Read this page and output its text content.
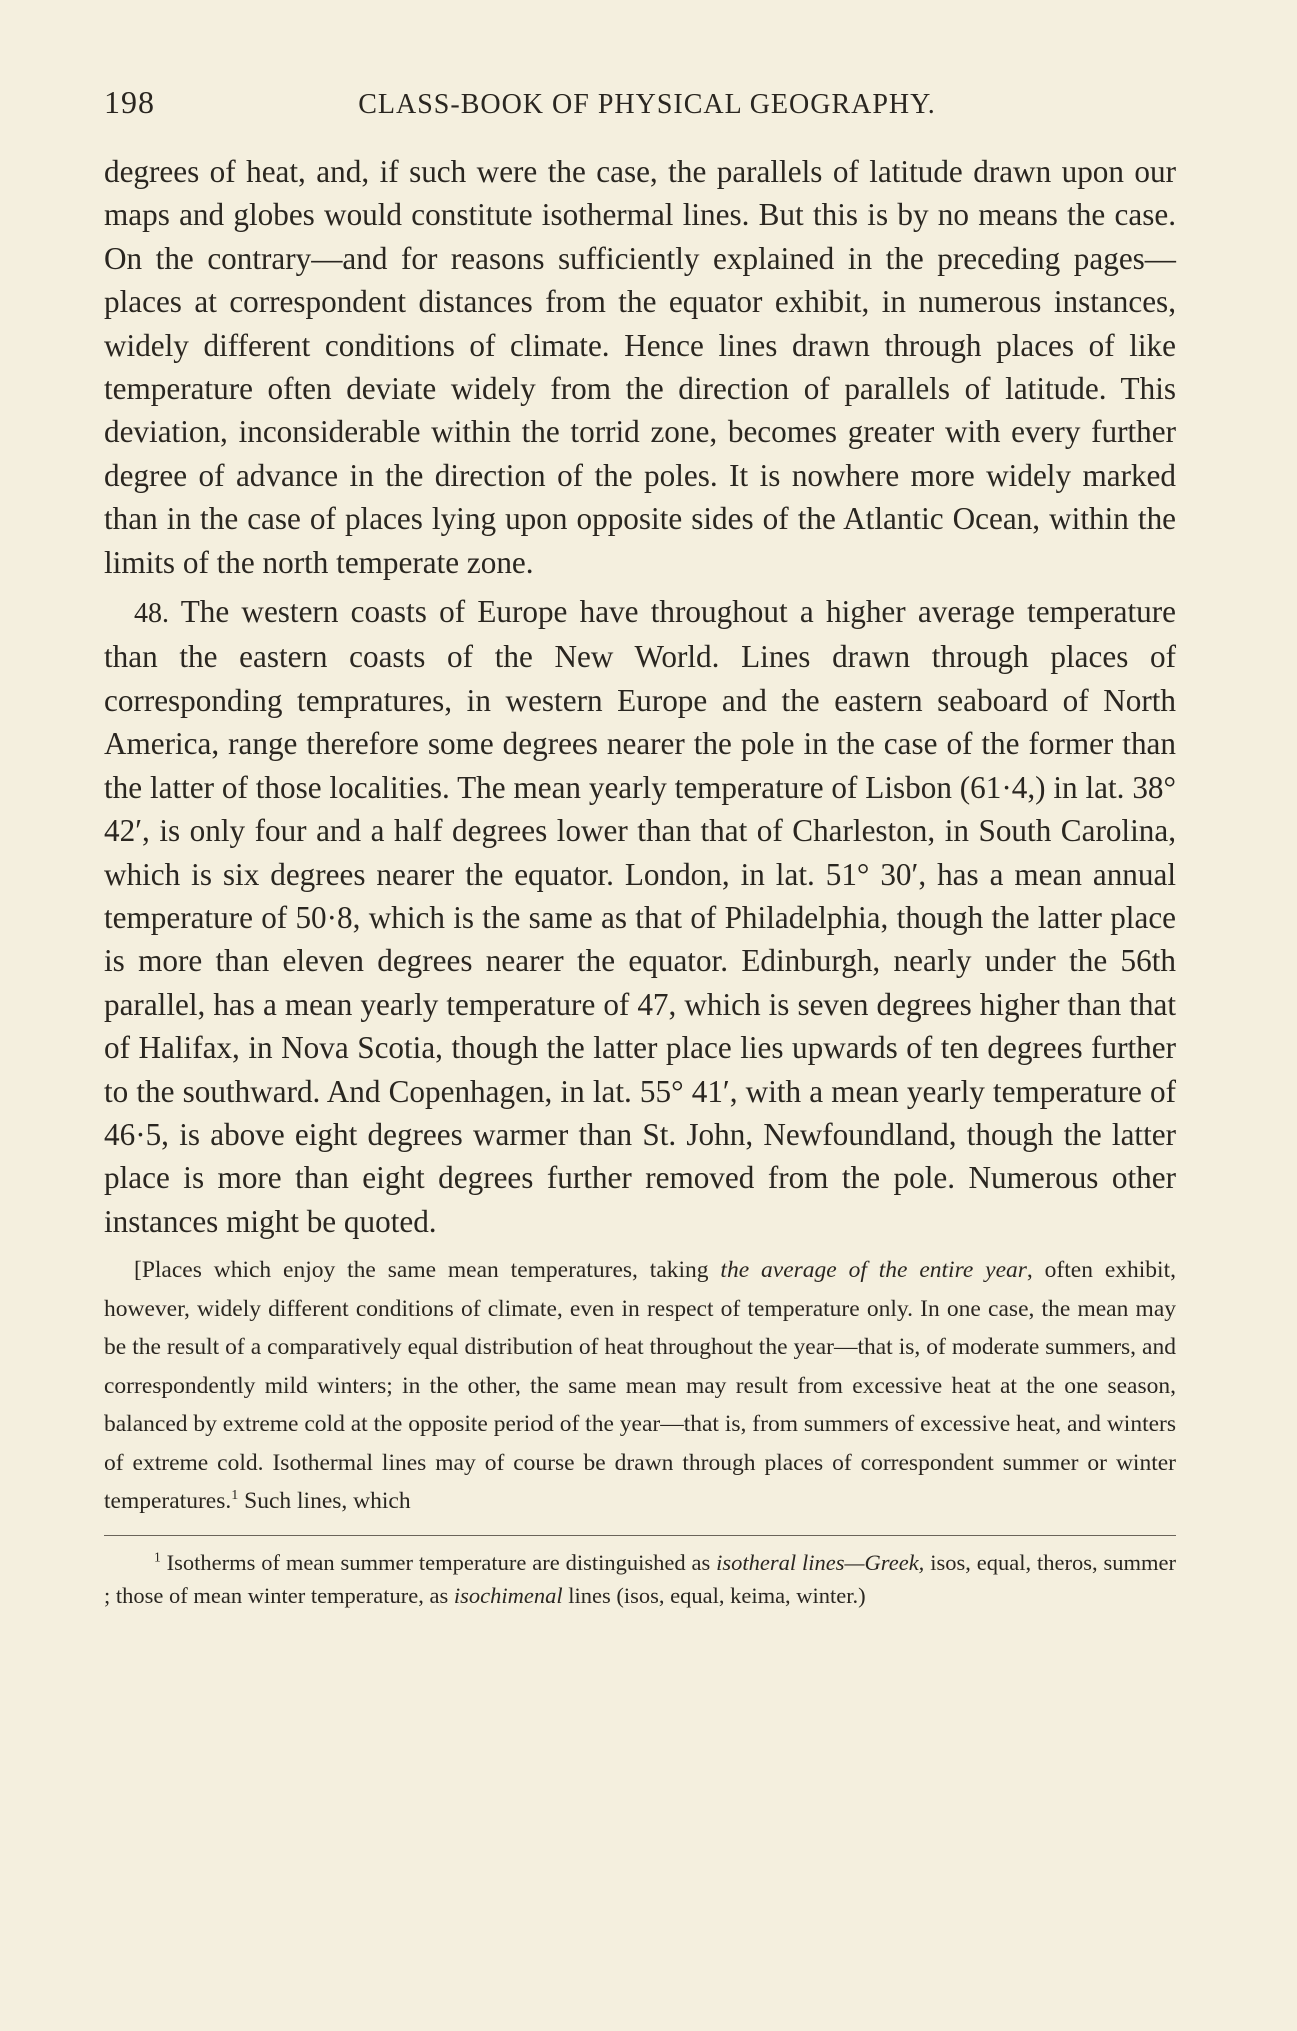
198	CLASS-BOOK OF PHYSICAL GEOGRAPHY.

degrees of heat, and, if such were the case, the parallels of latitude drawn upon our maps and globes would constitute isothermal lines. But this is by no means the case. On the contrary—and for reasons sufficiently explained in the preceding pages—places at correspondent distances from the equator exhibit, in numerous instances, widely different conditions of climate. Hence lines drawn through places of like temperature often deviate widely from the direction of parallels of latitude. This deviation, inconsiderable within the torrid zone, becomes greater with every further degree of advance in the direction of the poles. It is nowhere more widely marked than in the case of places lying upon opposite sides of the Atlantic Ocean, within the limits of the north temperate zone.

48. The western coasts of Europe have throughout a higher average temperature than the eastern coasts of the New World. Lines drawn through places of corresponding tempratures, in western Europe and the eastern seaboard of North America, range therefore some degrees nearer the pole in the case of the former than the latter of those localities. The mean yearly temperature of Lisbon (61·4,) in lat. 38° 42′, is only four and a half degrees lower than that of Charleston, in South Carolina, which is six degrees nearer the equator. London, in lat. 51° 30′, has a mean annual temperature of 50·8, which is the same as that of Philadelphia, though the latter place is more than eleven degrees nearer the equator. Edinburgh, nearly under the 56th parallel, has a mean yearly temperature of 47, which is seven degrees higher than that of Halifax, in Nova Scotia, though the latter place lies upwards of ten degrees further to the southward. And Copenhagen, in lat. 55° 41′, with a mean yearly temperature of 46·5, is above eight degrees warmer than St. John, Newfoundland, though the latter place is more than eight degrees further removed from the pole. Numerous other instances might be quoted.

[Places which enjoy the same mean temperatures, taking the average of the entire year, often exhibit, however, widely different conditions of climate, even in respect of temperature only. In one case, the mean may be the result of a comparatively equal distribution of heat throughout the year—that is, of moderate summers, and correspondently mild winters; in the other, the same mean may result from excessive heat at the one season, balanced by extreme cold at the opposite period of the year—that is, from summers of excessive heat, and winters of extreme cold. Isothermal lines may of course be drawn through places of correspondent summer or winter temperatures.$^1$ Such lines, which

$^1$ Isotherms of mean summer temperature are distinguished as isotheral lines—Greek, isos, equal, theros, summer ; those of mean winter temperature, as isochimenal lines (isos, equal, keima, winter.)
